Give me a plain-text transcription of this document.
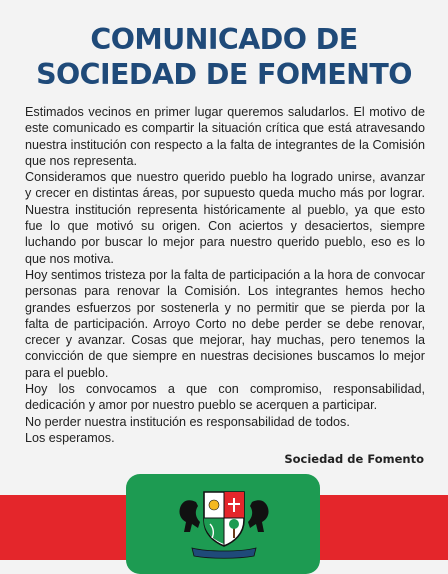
COMUNICADO DE
SOCIEDAD DE FOMENTO

Estimados vecinos en primer lugar queremos saludarlos. El motivo de este comunicado es compartir la situación crítica que está atravesando nuestra institución con respecto a la falta de integrantes de la Comisión que nos representa.

Consideramos que nuestro querido pueblo ha logrado unirse, avanzar y crecer en distintas áreas, por supuesto queda mucho más por lograr. Nuestra institución representa históricamente al pueblo, ya que esto fue lo que motivó su origen. Con aciertos y desaciertos, siempre luchando por buscar lo mejor para nuestro querido pueblo, eso es lo que nos motiva.

Hoy sentimos tristeza por la falta de participación a la hora de convocar personas para renovar la Comisión. Los integrantes hemos hecho grandes esfuerzos por sostenerla y no permitir que se pierda por la falta de participación. Arroyo Corto no debe perder se debe renovar, crecer y avanzar. Cosas que mejorar, hay muchas, pero tenemos la convicción de que siempre en nuestras decisiones buscamos lo mejor para el pueblo.

Hoy los convocamos a que con compromiso, responsabilidad, dedicación y amor por nuestro pueblo se acerquen a participar.

No perder nuestra institución es responsabilidad de todos.

Los esperamos.

Sociedad de Fomento
